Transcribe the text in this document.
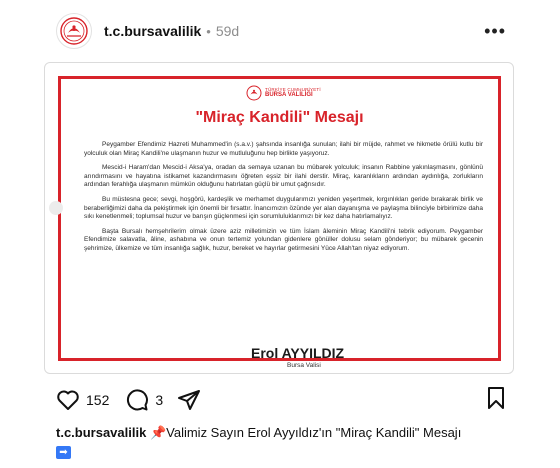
t.c.bursavalilik • 59d	•••
TÜRKİYE CUMHURİYETİ
BURSA VALİLİĞİ
"Miraç Kandili" Mesajı

Peygamber Efendimiz Hazreti Muhammed'in (s.a.v.) şahsında insanlığa sunulan; ilahi bir müjde, rahmet ve hikmetle örülü kutlu bir yolculuk olan Miraç Kandili'ne ulaşmanın huzur ve mutluluğunu hep birlikte yaşıyoruz.

Mescid-i Haram'dan Mescid-i Aksa'ya, oradan da semaya uzanan bu mübarek yolculuk; insanın Rabbine yakınlaşmasını, gönlünü arındırmasını ve hayatına istikamet kazandırmasını öğreten eşsiz bir ilahi derstir. Miraç, karanlıkların ardından aydınlığa, zorlukların ardından ferahlığa ulaşmanın mümkün olduğunu hatırlatan güçlü bir umut çağrısıdır.

Bu müstesna gece; sevgi, hoşgörü, kardeşlik ve merhamet duygularımızı yeniden yeşertmek, kırgınlıkları geride bırakarak birlik ve beraberliğimizi daha da pekiştirmek için önemli bir fırsattır. İnancımızın özünde yer alan dayanışma ve paylaşma bilinciyle birbirimize daha sıkı kenetlenmeli; toplumsal huzur ve barışın güçlenmesi için sorumluluklarımızı bir kez daha hatırlamalıyız.

Başta Bursalı hemşehrilerim olmak üzere aziz milletimizin ve tüm İslam âleminin Miraç Kandili'ni tebrik ediyorum. Peygamber Efendimize salavatla, âline, ashabına ve onun tertemiz yolundan gidenlere gönüller dolusu selam gönderiyor; bu mübarek gecenin şehrimize, ülkemize ve tüm insanlığa sağlık, huzur, bereket ve hayırlar getirmesini Yüce Allah'tan niyaz ediyorum.

Erol AYYILDIZ
Bursa Valisi
152	3
t.c.bursavalilik 📌Valimiz Sayın Erol Ayyıldız'ın "Miraç Kandili" Mesajı
➡
